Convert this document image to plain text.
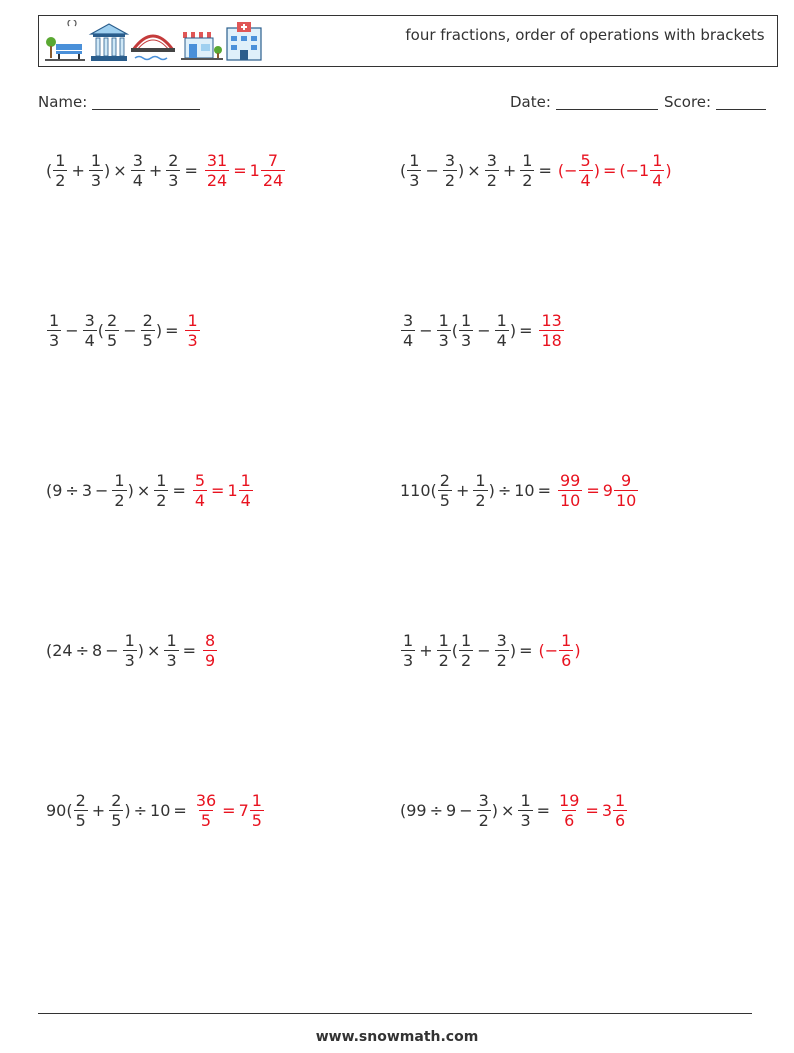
four fractions, order of operations with brackets
Name:	Date:	Score:
( $\frac{1}{2} + \frac{1}{3}$ ) × $\frac{3}{4} + \frac{2}{3} = \frac{31}{24} = 1 \frac{7}{24}$	( $\frac{1}{3} - \frac{3}{2}$ ) × $\frac{3}{2} + \frac{1}{2}$ = (− $\frac{5}{4}$ ) = ($-1 \frac{1}{4}$ )
$\frac{1}{3} - \frac{3}{4}$ ( $\frac{2}{5} - \frac{2}{5}$ ) = $\frac{1}{3}$	$\frac{3}{4} - \frac{1}{3}$ ( $\frac{1}{3} - \frac{1}{4}$ ) = $\frac{13}{18}$
($9 \div 3 - \frac{1}{2}$ ) × $\frac{1}{2} = \frac{5}{4} = 1 \frac{1}{4}$	$110( \frac{2}{5} + \frac{1}{2}$ ) ÷ $10 = \frac{99}{10} = 9 \frac{9}{10}$
($24 \div 8 - \frac{1}{3}$ ) × $\frac{1}{3} = \frac{8}{9}$	$\frac{1}{3} + \frac{1}{2}$ ( $\frac{1}{2} - \frac{3}{2}$ ) = (− $\frac{1}{6}$ )
$90( \frac{2}{5} + \frac{2}{5}$ ) ÷ $10 = \frac{36}{5} = 7 \frac{1}{5}$	($99 \div 9 - \frac{3}{2}$ ) × $\frac{1}{3} = \frac{19}{6} = 3 \frac{1}{6}$
www.snowmath.com
